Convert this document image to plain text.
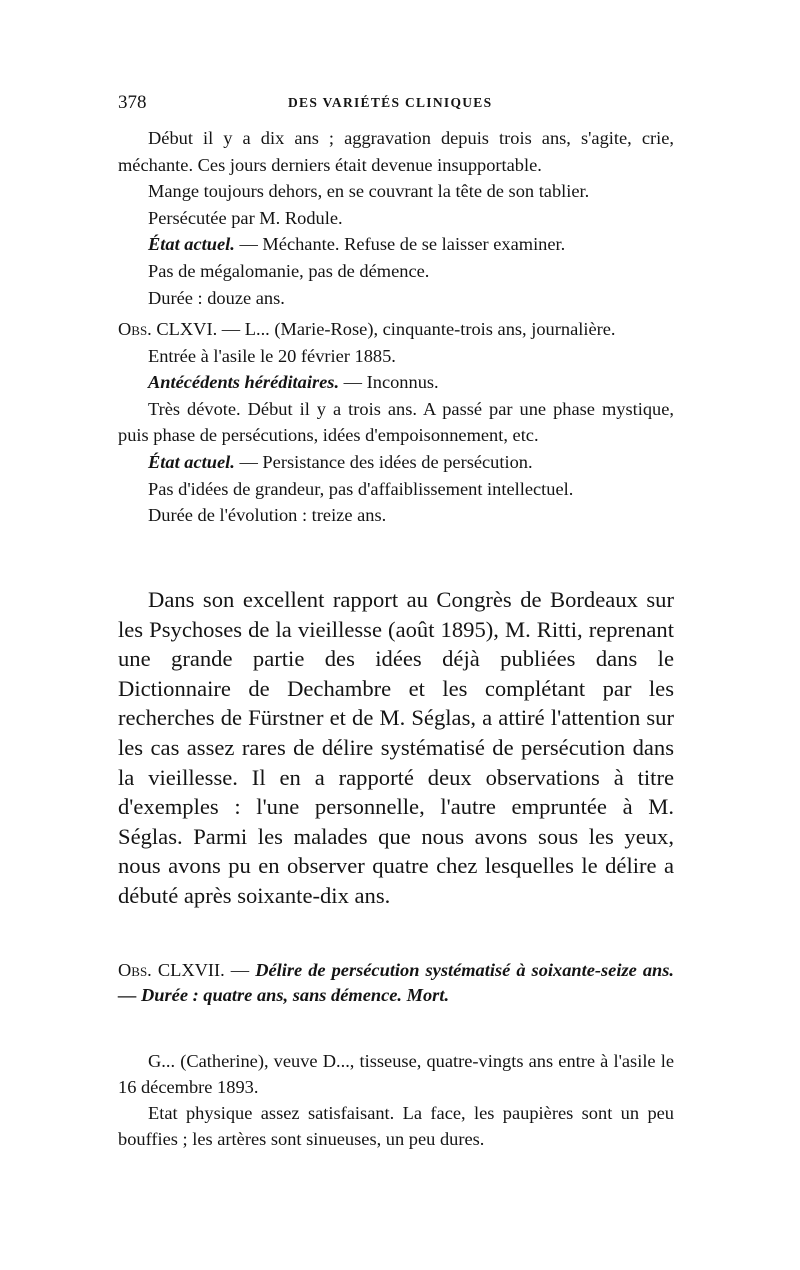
378	DES VARIÉTÉS CLINIQUES

Début il y a dix ans ; aggravation depuis trois ans, s'agite, crie, méchante. Ces jours derniers était devenue insupportable.

Mange toujours dehors, en se couvrant la tête de son tablier.

Persécutée par M. Rodule.

État actuel. — Méchante. Refuse de se laisser examiner.

Pas de mégalomanie, pas de démence.

Durée : douze ans.

Obs. CLXVI. — L... (Marie-Rose), cinquante-trois ans, journalière.

Entrée à l'asile le 20 février 1885.

Antécédents héréditaires. — Inconnus.

Très dévote. Début il y a trois ans. A passé par une phase mystique, puis phase de persécutions, idées d'empoisonnement, etc.

État actuel. — Persistance des idées de persécution.

Pas d'idées de grandeur, pas d'affaiblissement intellectuel.

Durée de l'évolution : treize ans.

Dans son excellent rapport au Congrès de Bordeaux sur les Psychoses de la vieillesse (août 1895), M. Ritti, reprenant une grande partie des idées déjà publiées dans le Dictionnaire de Dechambre et les complétant par les recherches de Fürstner et de M. Séglas, a attiré l'attention sur les cas assez rares de délire systématisé de persécution dans la vieillesse. Il en a rapporté deux observations à titre d'exemples : l'une personnelle, l'autre empruntée à M. Séglas. Parmi les malades que nous avons sous les yeux, nous avons pu en observer quatre chez lesquelles le délire a débuté après soixante-dix ans.

Obs. CLXVII. — Délire de persécution systématisé à soixante-seize ans. — Durée : quatre ans, sans démence. Mort.

G... (Catherine), veuve D..., tisseuse, quatre-vingts ans entre à l'asile le 16 décembre 1893.

Etat physique assez satisfaisant. La face, les paupières sont un peu bouffies ; les artères sont sinueuses, un peu dures.
